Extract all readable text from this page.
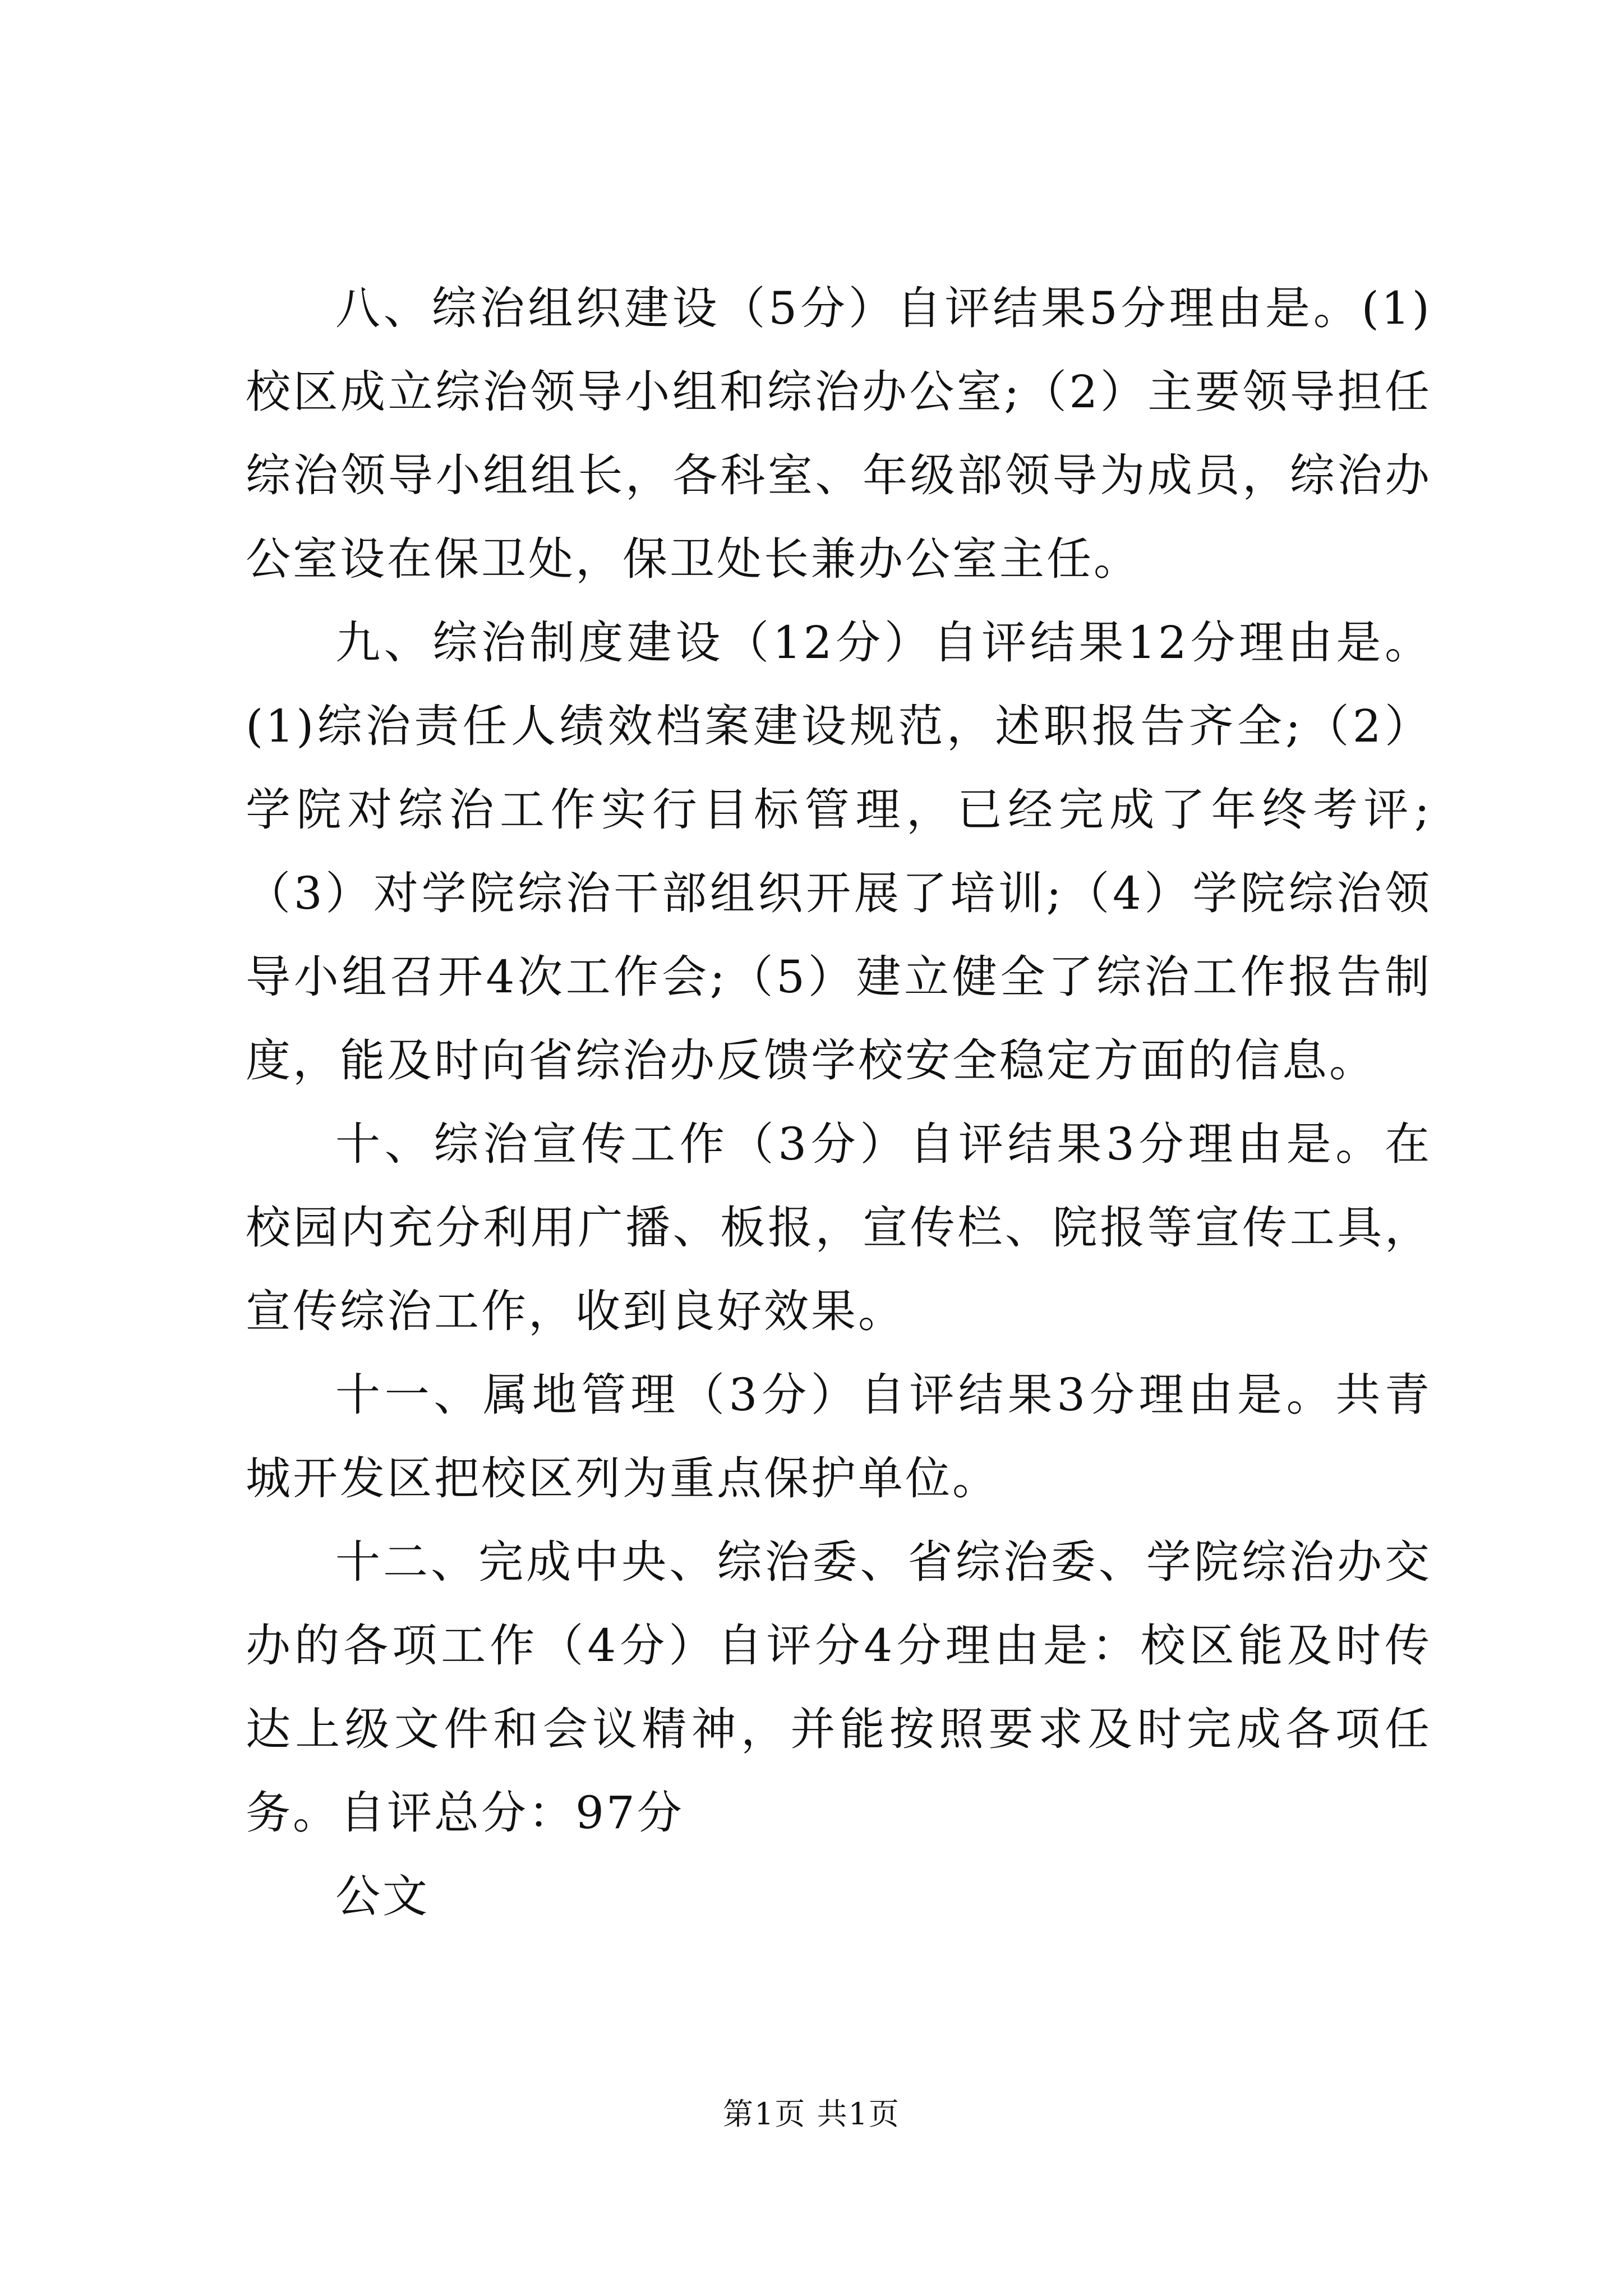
八、综治组织建设（5分）自评结果5分理由是。(1)校区成立综治领导小组和综治办公室;（2）主要领导担任综治领导小组组长，各科室、年级部领导为成员，综治办公室设在保卫处，保卫处长兼办公室主任。

九、综治制度建设（12分）自评结果12分理由是。(1)综治责任人绩效档案建设规范，述职报告齐全;（2）学院对综治工作实行目标管理，已经完成了年终考评;（3）对学院综治干部组织开展了培训;（4）学院综治领导小组召开4次工作会;（5）建立健全了综治工作报告制度，能及时向省综治办反馈学校安全稳定方面的信息。

十、综治宣传工作（3分）自评结果3分理由是。在校园内充分利用广播、板报，宣传栏、院报等宣传工具，宣传综治工作，收到良好效果。

十一、属地管理（3分）自评结果3分理由是。共青城开发区把校区列为重点保护单位。

十二、完成中央、综治委、省综治委、学院综治办交办的各项工作（4分）自评分4分理由是：校区能及时传达上级文件和会议精神，并能按照要求及时完成各项任务。自评总分：97分

公文

第1页 共1页
